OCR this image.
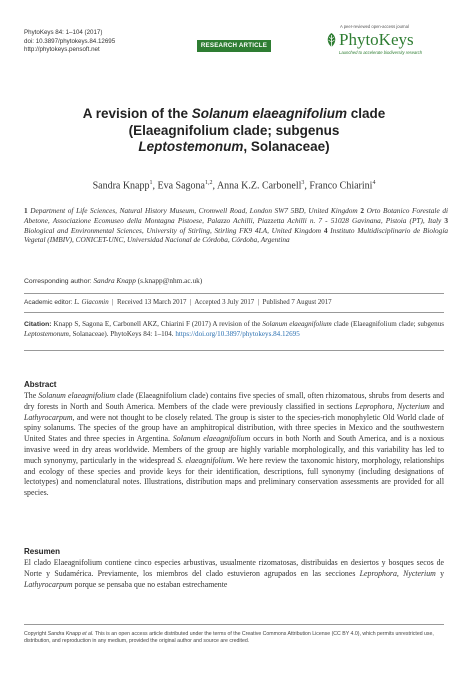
PhytoKeys 84: 1–104 (2017)
doi: 10.3897/phytokeys.84.12695
http://phytokeys.pensoft.net
RESEARCH ARTICLE
A peer-reviewed open-access journal
PhytoKeys
Launched to accelerate biodiversity research
A revision of the Solanum elaeagnifolium clade
(Elaeagnifolium clade; subgenus
Leptostemonum, Solanaceae)
Sandra Knapp$^1$, Eva Sagona$^{1,2}$, Anna K.Z. Carbonell$^3$, Franco Chiarini$^4$
1 Department of Life Sciences, Natural History Museum, Cromwell Road, London SW7 5BD, United Kingdom 2 Orto Botanico Forestale di Abetone, Associazione Ecomuseo della Montagna Pistoese, Palazzo Achilli, Piazzetta Achilli n. 7 - 51028 Gavinana, Pistoia (PT), Italy 3 Biological and Environmental Sciences, University of Stirling, Stirling FK9 4LA, United Kingdom 4 Instituto Multidisciplinario de Biología Vegetal (IMBIV), CONICET-UNC, Universidad Nacional de Córdoba, Córdoba, Argentina
Corresponding author: Sandra Knapp (s.knapp@nhm.ac.uk)
Academic editor: L. Giacomin  |  Received 13 March 2017  |  Accepted 3 July 2017  |  Published 7 August 2017
Citation: Knapp S, Sagona E, Carbonell AKZ, Chiarini F (2017) A revision of the Solanum elaeagnifolium clade (Elaeagnifolium clade; subgenus Leptostemonum, Solanaceae). PhytoKeys 84: 1–104. https://doi.org/10.3897/phytokeys.84.12695
Abstract
The Solanum elaeagnifolium clade (Elaeagnifolium clade) contains five species of small, often rhizomatous, shrubs from deserts and dry forests in North and South America. Members of the clade were previously classified in sections Leprophora, Nycterium and Lathyrocarpum, and were not thought to be closely related. The group is sister to the species-rich monophyletic Old World clade of spiny solanums. The species of the group have an amphitropical distribution, with three species in Mexico and the southwestern United States and three species in Argentina. Solanum elaeagnifolium occurs in both North and South America, and is a noxious invasive weed in dry areas worldwide. Members of the group are highly variable morphologically, and this variability has led to much synonymy, particularly in the widespread S. elaeagnifolium. We here review the taxonomic history, morphology, relationships and ecology of these species and provide keys for their identification, descriptions, full synonymy (including designations of lectotypes) and nomenclatural notes. Illustrations, distribution maps and preliminary conservation assessments are provided for all species.
Resumen
El clado Elaeagnifolium contiene cinco especies arbustivas, usualmente rizomatosas, distribuidas en desiertos y bosques secos de Norte y Sudamérica. Previamente, los miembros del clado estuvieron agrupados en las secciones Leprophora, Nycterium y Lathyrocarpum porque se pensaba que no estaban estrechamente
Copyright Sandra Knapp et al. This is an open access article distributed under the terms of the Creative Commons Attribution License (CC BY 4.0), which permits unrestricted use, distribution, and reproduction in any medium, provided the original author and source are credited.
